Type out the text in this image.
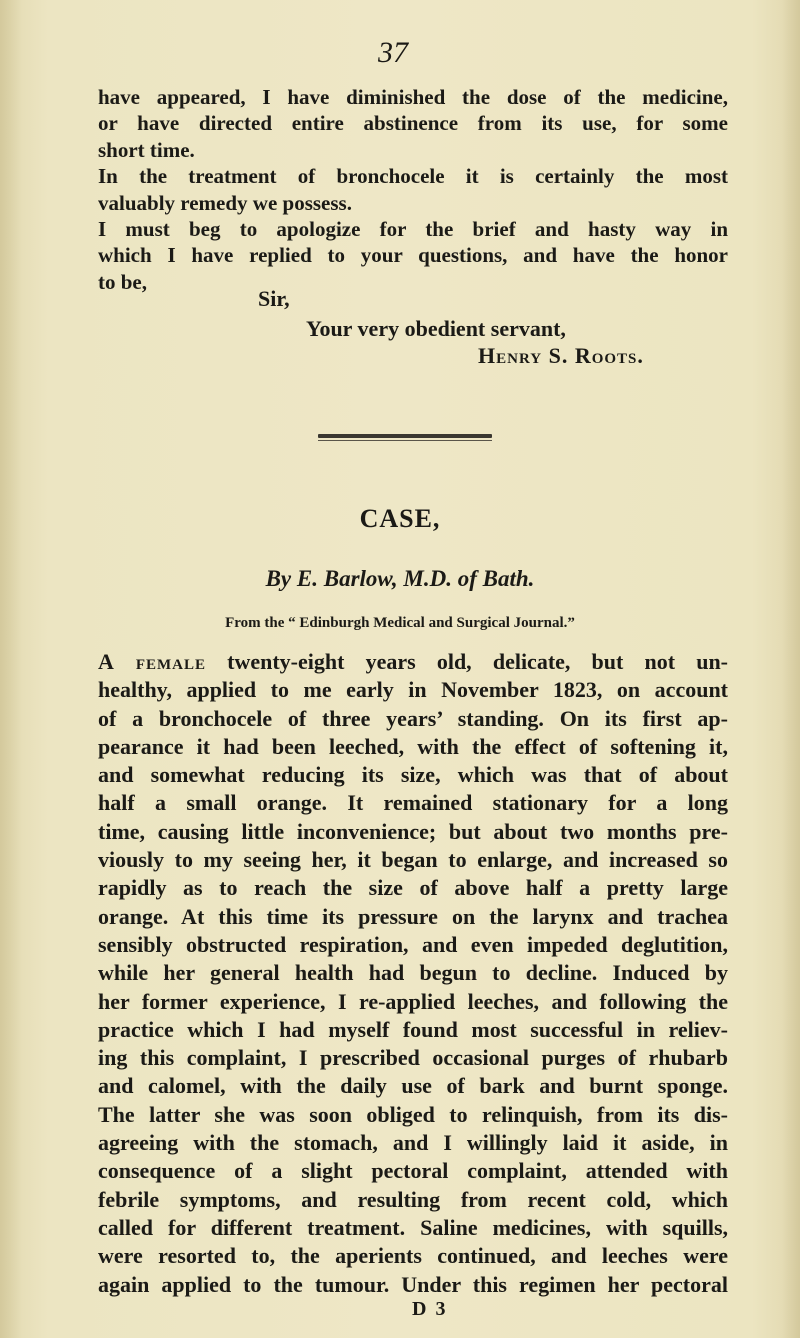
37
have appeared, I have diminished the dose of the medicine,
or have directed entire abstinence from its use, for some
short time.
In the treatment of bronchocele it is certainly the most
valuably remedy we possess.
I must beg to apologize for the brief and hasty way in
which I have replied to your questions, and have the honor
to be,
Sir,
Your very obedient servant,
Henry S. Roots.
CASE,
By E. Barlow, M.D. of Bath.
From the “ Edinburgh Medical and Surgical Journal.”
A female twenty-eight years old, delicate, but not un-
healthy, applied to me early in November 1823, on account
of a bronchocele of three years’ standing. On its first ap-
pearance it had been leeched, with the effect of softening it,
and somewhat reducing its size, which was that of about
half a small orange. It remained stationary for a long
time, causing little inconvenience; but about two months pre-
viously to my seeing her, it began to enlarge, and increased so
rapidly as to reach the size of above half a pretty large
orange. At this time its pressure on the larynx and trachea
sensibly obstructed respiration, and even impeded deglutition,
while her general health had begun to decline. Induced by
her former experience, I re-applied leeches, and following the
practice which I had myself found most successful in reliev-
ing this complaint, I prescribed occasional purges of rhubarb
and calomel, with the daily use of bark and burnt sponge.
The latter she was soon obliged to relinquish, from its dis-
agreeing with the stomach, and I willingly laid it aside, in
consequence of a slight pectoral complaint, attended with
febrile symptoms, and resulting from recent cold, which
called for different treatment. Saline medicines, with squills,
were resorted to, the aperients continued, and leeches were
again applied to the tumour. Under this regimen her pectoral
D 3
